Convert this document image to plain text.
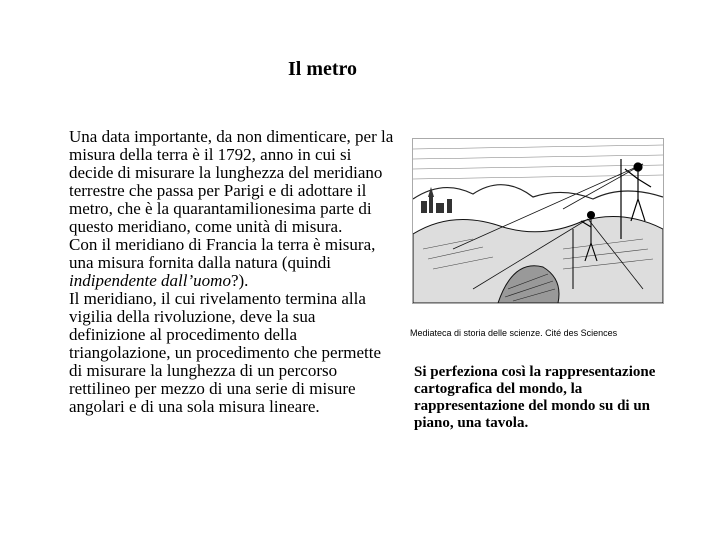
Il metro

Una data importante, da non dimenticare, per la misura della terra è il 1792, anno in cui si decide di misurare la lunghezza del meridiano terrestre che passa per Parigi e di adottare il metro, che è la quarantamilionesima parte di questo meridiano, come unità di misura.

Con il meridiano di Francia la terra è misura, una misura fornita dalla natura (quindi indipendente dall’uomo?).

Il meridiano, il cui rivelamento termina alla vigilia della rivoluzione, deve la sua definizione al procedimento della triangolazione, un procedimento che permette di misurare la lunghezza di un percorso rettilineo per mezzo di una serie di misure angolari e di una sola misura lineare.

Mediateca di storia delle scienze. Cité des Sciences
Si perfeziona così la rappresentazione cartografica del mondo, la rappresentazione del mondo su di un piano, una tavola.
